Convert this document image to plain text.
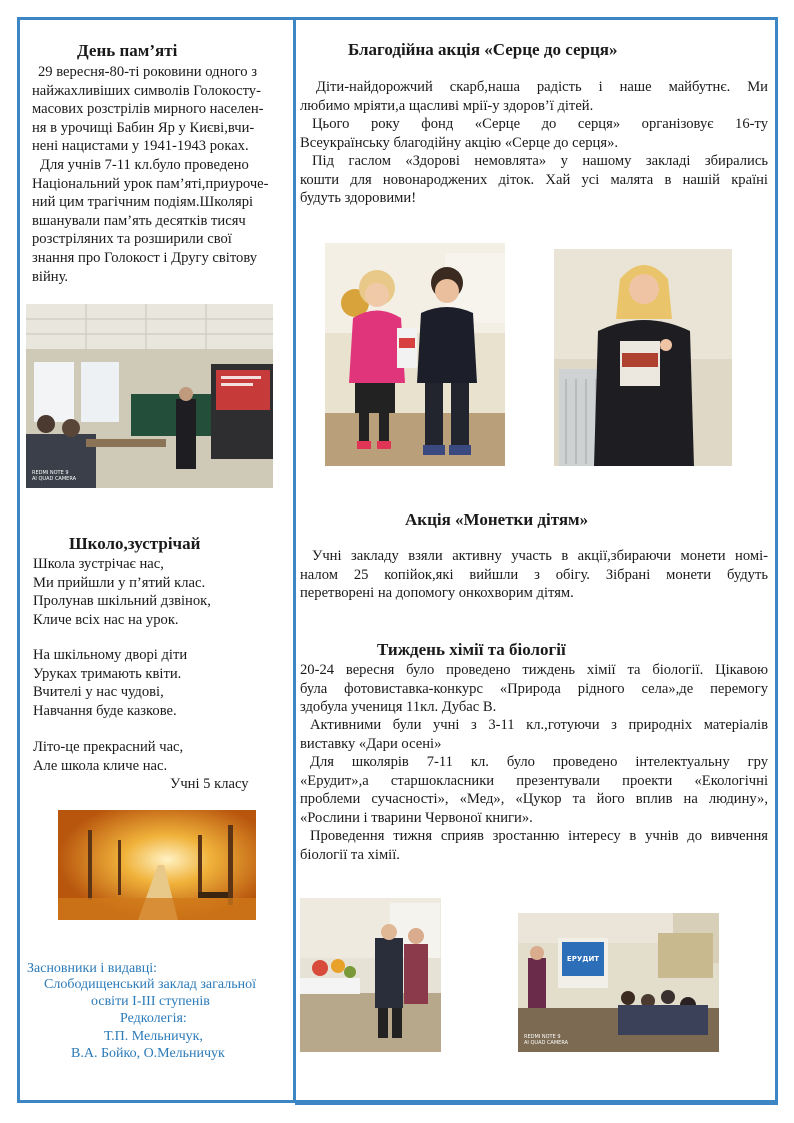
День пам’яті
29 вересня-80-ті роковини одного з
найжахливіших символів Голокосту-
масових розстрілів мирного населен-
ня в урочищі Бабин Яр у Києві,вчи-
нені нацистами у 1941-1943 роках.
Для учнів 7-11 кл.було проведено
Національний урок пам’яті,приуроче-
ний цим трагічним подіям.Школярі
вшанували пам’ять десятків тисяч
розстріляних та розширили свої
знання про Голокост і Другу світову
війну.
REDMI NOTE 9
AI QUAD CAMERA
Школо,зустрічай
Школа зустрічає нас,
Ми прийшли у п’ятий клас.
Пролунав шкільний дзвінок,
Кличе всіх нас на урок.
На шкільному дворі діти
Уруках тримають квіти.
Вчителі у нас чудові,
Навчання буде казкове.
Літо-це прекрасний час,
Але школа кличе нас.
Учні 5 класу
Засновники і видавці:
Слободищенський заклад загальної
освіти І-ІІІ ступенів
Редколегія:
Т.П. Мельничук,
В.А. Бойко, О.Мельничук
Благодійна акція «Серце до серця»
Діти-найдорожчий скарб,наша радість і наше майбутнє. Ми
любимо мріяти,а щасливі мрії-у здоров’ї дітей.
Цього року фонд «Серце до серця» організовує 16-ту
Всеукраїнську благодійну акцію «Серце до серця».
Під гаслом «Здорові немовлята» у нашому закладі збирались
кошти для новонароджених діток. Хай усі малята в нашій країні
будуть здоровими!
Акція «Монетки дітям»
Учні закладу взяли активну участь в акції,збираючи монети номі-
налом 25 копійок,які вийшли з обігу. Зібрані монети будуть
перетворені на допомогу онкохворим дітям.
Тиждень хімії та біології
20-24 вересня було проведено тиждень хімії та біології. Цікавою
була фотовиставка-конкурс «Природа рідного села»,де перемогу
здобула учениця 11кл. Дубас В.
Активними були учні з 3-11 кл.,готуючи з природніх матеріалів
виставку «Дари осені»
Для школярів 7-11 кл. було проведено інтелектуальну гру
«Ерудит»,а старшокласники презентували проекти «Екологічні
проблеми сучасності», «Мед», «Цукор та його вплив на людину»,
«Рослини і тварини Червоної книги».
Проведення тижня сприяв зростанню інтересу в учнів до вивчення
біології та хімії.
ЕРУДИТ
REDMI NOTE 9
AI QUAD CAMERA
